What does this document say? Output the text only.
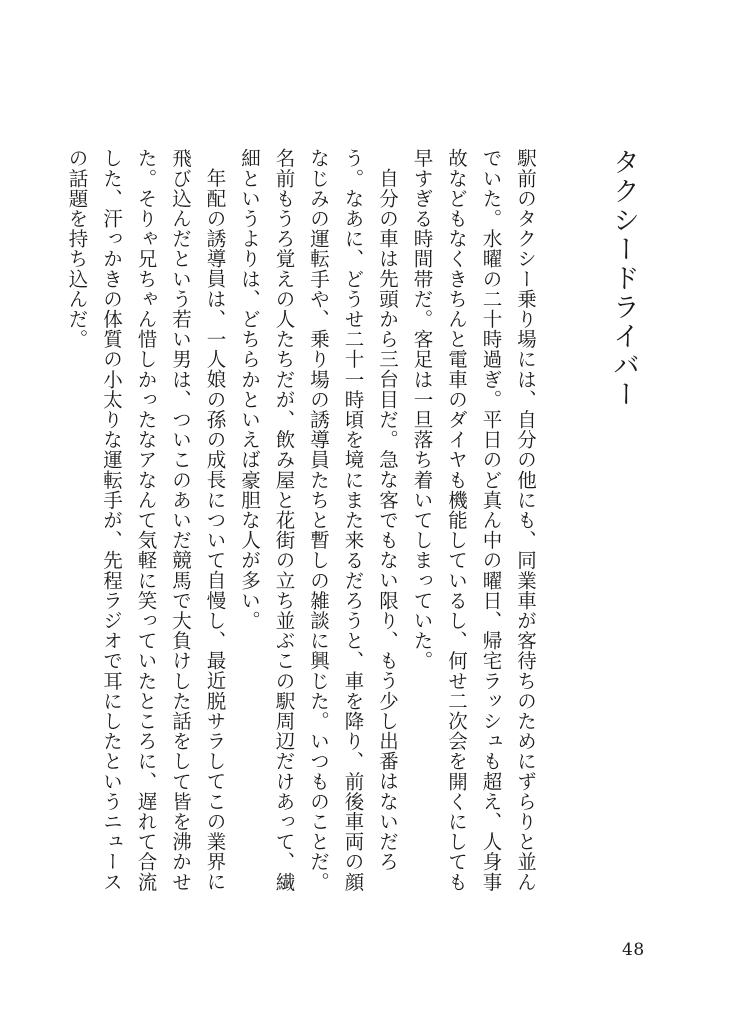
タクシードライバー

駅前のタクシー乗り場には、自分の他にも、同業車が客待ちのためにずらりと並んでいた。水曜の二十時過ぎ。平日のど真ん中の曜日、帰宅ラッシュも超え、人身事故などもなくきちんと電車のダイヤも機能しているし、何せ二次会を開くにしても早すぎる時間帯だ。客足は一旦落ち着いてしまっていた。

自分の車は先頭から三台目だ。急な客でもない限り、もう少し出番はないだろう。なあに、どうせ二十一時頃を境にまた来るだろうと、車を降り、前後車両の顔なじみの運転手や、乗り場の誘導員たちと暫しの雑談に興じた。いつものことだ。名前もうろ覚えの人たちだが、飲み屋と花街の立ち並ぶこの駅周辺だけあって、繊細というよりは、どちらかといえば豪胆な人が多い。

年配の誘導員は、一人娘の孫の成長について自慢し、最近脱サラしてこの業界に飛び込んだという若い男は、ついこのあいだ競馬で大負けした話をして皆を沸かせた。そりゃ兄ちゃん惜しかったなアなんて気軽に笑っていたところに、遅れて合流した、汗っかきの体質の小太りな運転手が、先程ラジオで耳にしたというニュースの話題を持ち込んだ。

48
